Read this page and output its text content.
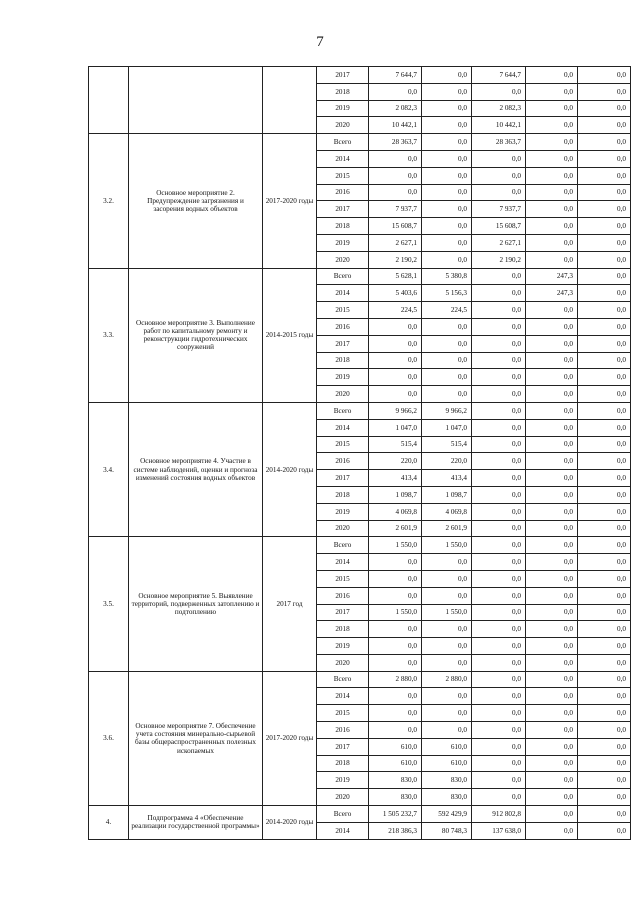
7
			2017	7 644,7	0,0	7 644,7	0,0	0,0
			2018	0,0	0,0	0,0	0,0	0,0
			2019	2 082,3	0,0	2 082,3	0,0	0,0
			2020	10 442,1	0,0	10 442,1	0,0	0,0
3.2.	Основное мероприятие 2. Предупреждение загрязнения и засорения водных объектов	2017-2020 годы	Всего	28 363,7	0,0	28 363,7	0,0	0,0
			2014	0,0	0,0	0,0	0,0	0,0
			2015	0,0	0,0	0,0	0,0	0,0
			2016	0,0	0,0	0,0	0,0	0,0
			2017	7 937,7	0,0	7 937,7	0,0	0,0
			2018	15 608,7	0,0	15 608,7	0,0	0,0
			2019	2 627,1	0,0	2 627,1	0,0	0,0
			2020	2 190,2	0,0	2 190,2	0,0	0,0
3.3.	Основное мероприятие 3. Выполнение работ по капитальному ремонту и реконструкции гидротехнических сооружений	2014-2015 годы	Всего	5 628,1	5 380,8	0,0	247,3	0,0
			2014	5 403,6	5 156,3	0,0	247,3	0,0
			2015	224,5	224,5	0,0	0,0	0,0
			2016	0,0	0,0	0,0	0,0	0,0
			2017	0,0	0,0	0,0	0,0	0,0
			2018	0,0	0,0	0,0	0,0	0,0
			2019	0,0	0,0	0,0	0,0	0,0
			2020	0,0	0,0	0,0	0,0	0,0
3.4.	Основное мероприятие 4. Участие в системе наблюдений, оценки и прогноза изменений состояния водных объектов	2014-2020 годы	Всего	9 966,2	9 966,2	0,0	0,0	0,0
			2014	1 047,0	1 047,0	0,0	0,0	0,0
			2015	515,4	515,4	0,0	0,0	0,0
			2016	220,0	220,0	0,0	0,0	0,0
			2017	413,4	413,4	0,0	0,0	0,0
			2018	1 098,7	1 098,7	0,0	0,0	0,0
			2019	4 069,8	4 069,8	0,0	0,0	0,0
			2020	2 601,9	2 601,9	0,0	0,0	0,0
3.5.	Основное мероприятие 5. Выявление территорий, подверженных затоплению и подтоплению	2017 год	Всего	1 550,0	1 550,0	0,0	0,0	0,0
			2014	0,0	0,0	0,0	0,0	0,0
			2015	0,0	0,0	0,0	0,0	0,0
			2016	0,0	0,0	0,0	0,0	0,0
			2017	1 550,0	1 550,0	0,0	0,0	0,0
			2018	0,0	0,0	0,0	0,0	0,0
			2019	0,0	0,0	0,0	0,0	0,0
			2020	0,0	0,0	0,0	0,0	0,0
3.6.	Основное мероприятие 7. Обеспечение учета состояния минерально-сырьевой базы общераспространенных полезных ископаемых	2017-2020 годы	Всего	2 880,0	2 880,0	0,0	0,0	0,0
			2014	0,0	0,0	0,0	0,0	0,0
			2015	0,0	0,0	0,0	0,0	0,0
			2016	0,0	0,0	0,0	0,0	0,0
			2017	610,0	610,0	0,0	0,0	0,0
			2018	610,0	610,0	0,0	0,0	0,0
			2019	830,0	830,0	0,0	0,0	0,0
			2020	830,0	830,0	0,0	0,0	0,0
4.	Подпрограмма 4 «Обеспечение реализации государственной программы»	2014-2020 годы	Всего	1 505 232,7	592 429,9	912 802,8	0,0	0,0
			2014	218 386,3	80 748,3	137 638,0	0,0	0,0
